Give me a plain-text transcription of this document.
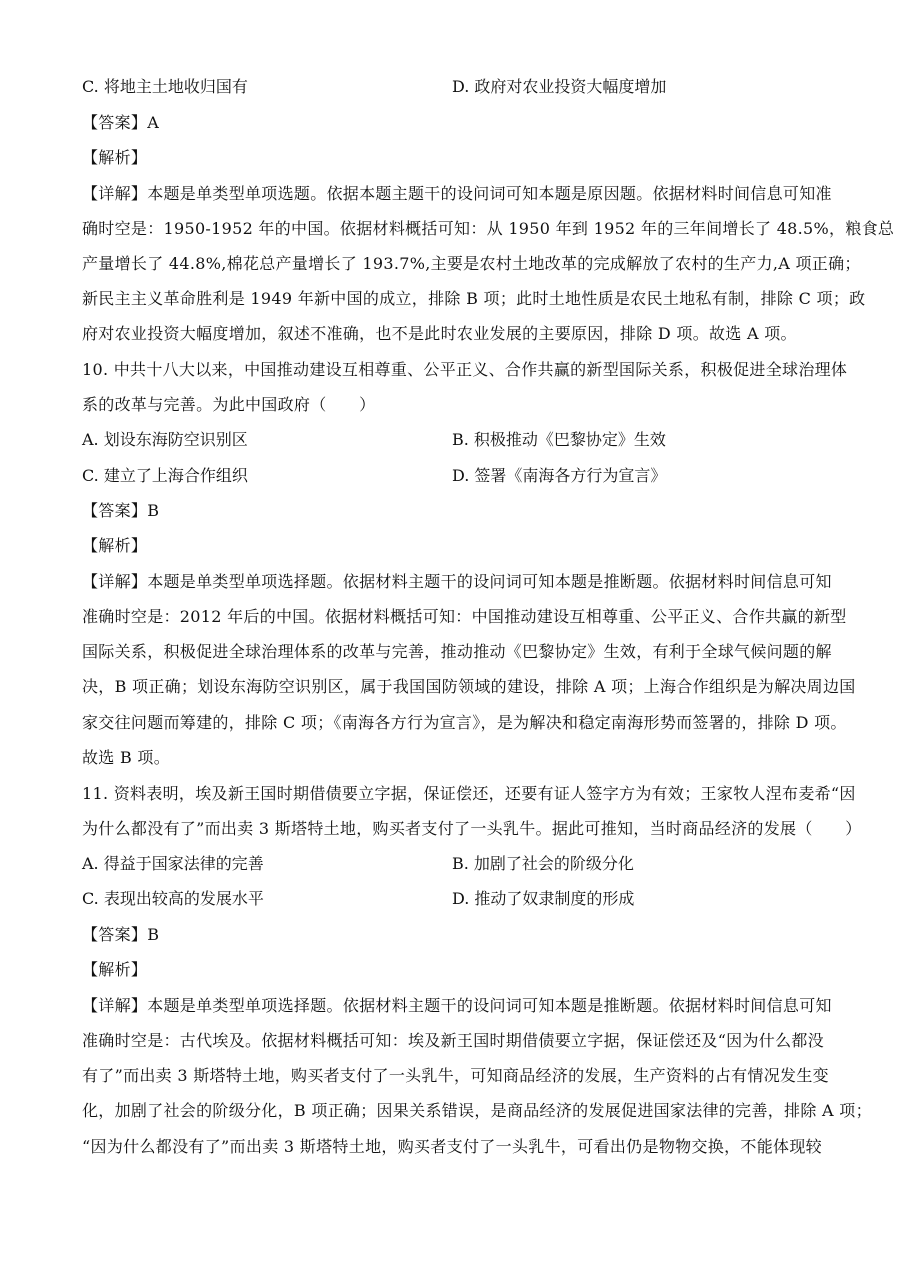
C. 将地主土地收归国有	D. 政府对农业投资大幅度增加
【答案】A
【解析】
【详解】本题是单类型单项选题。依据本题主题干的设问词可知本题是原因题。依据材料时间信息可知准
确时空是：1950-1952 年的中国。依据材料概括可知：从 1950 年到 1952 年的三年间增长了 48.5%，粮食总
产量增长了 44.8%,棉花总产量增长了 193.7%,主要是农村土地改革的完成解放了农村的生产力,A 项正确；
新民主主义革命胜利是 1949 年新中国的成立，排除 B 项；此时土地性质是农民土地私有制，排除 C 项；政
府对农业投资大幅度增加，叙述不准确，也不是此时农业发展的主要原因，排除 D 项。故选 A 项。
10. 中共十八大以来，中国推动建设互相尊重、公平正义、合作共赢的新型国际关系，积极促进全球治理体
系的改革与完善。为此中国政府（　　）
A. 划设东海防空识别区	B. 积极推动《巴黎协定》生效
C. 建立了上海合作组织	D. 签署《南海各方行为宣言》
【答案】B
【解析】
【详解】本题是单类型单项选择题。依据材料主题干的设问词可知本题是推断题。依据材料时间信息可知
准确时空是：2012 年后的中国。依据材料概括可知：中国推动建设互相尊重、公平正义、合作共赢的新型
国际关系，积极促进全球治理体系的改革与完善，推动推动《巴黎协定》生效，有利于全球气候问题的解
决，B 项正确；划设东海防空识别区，属于我国国防领域的建设，排除 A 项；上海合作组织是为解决周边国
家交往问题而筹建的，排除 C 项；《南海各方行为宣言》，是为解决和稳定南海形势而签署的，排除 D 项。
故选 B 项。
11. 资料表明，埃及新王国时期借债要立字据，保证偿还，还要有证人签字方为有效；王家牧人涅布麦希“因
为什么都没有了”而出卖 3 斯塔特土地，购买者支付了一头乳牛。据此可推知，当时商品经济的发展（　　）
A. 得益于国家法律的完善	B. 加剧了社会的阶级分化
C. 表现出较高的发展水平	D. 推动了奴隶制度的形成
【答案】B
【解析】
【详解】本题是单类型单项选择题。依据材料主题干的设问词可知本题是推断题。依据材料时间信息可知
准确时空是：古代埃及。依据材料概括可知：埃及新王国时期借债要立字据，保证偿还及“因为什么都没
有了”而出卖 3 斯塔特土地，购买者支付了一头乳牛，可知商品经济的发展，生产资料的占有情况发生变
化，加剧了社会的阶级分化，B 项正确；因果关系错误，是商品经济的发展促进国家法律的完善，排除 A 项；
“因为什么都没有了”而出卖 3 斯塔特土地，购买者支付了一头乳牛，可看出仍是物物交换，不能体现较
